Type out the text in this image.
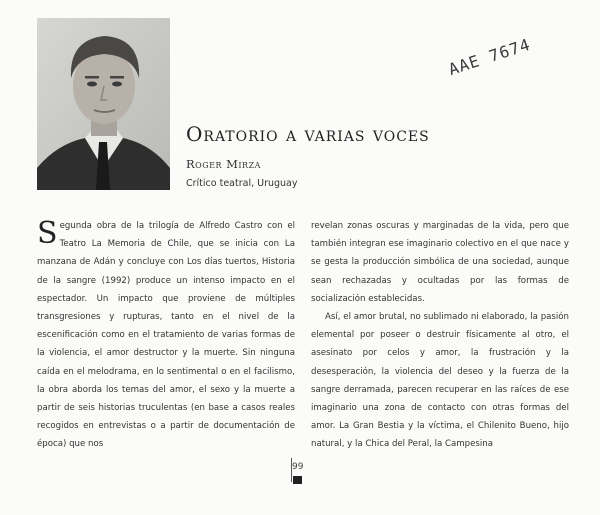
Oratorio a varias voces
Roger Mirza
Crítico teatral, Uruguay
AAE 7674

Segunda obra de la trilogía de Alfredo Castro con el Teatro La Memoria de Chile, que se inicia con La manzana de Adán y concluye con Los días tuertos, Historia de la sangre (1992) produce un intenso impacto en el espectador. Un impacto que proviene de múltiples transgresiones y rupturas, tanto en el nivel de la escenificación como en el tratamiento de varias formas de la violencia, el amor destructor y la muerte. Sin ninguna caída en el melodrama, en lo sentimental o en el facilismo, la obra aborda los temas del amor, el sexo y la muerte a partir de seis historias truculentas (en base a casos reales recogidos en entrevistas o a partir de documentación de época) que nos

revelan zonas oscuras y marginadas de la vida, pero que también integran ese imaginario colectivo en el que nace y se gesta la producción simbólica de una sociedad, aunque sean rechazadas y ocultadas por las formas de socialización establecidas.

Así, el amor brutal, no sublimado ni elaborado, la pasión elemental por poseer o destruir físicamente al otro, el asesinato por celos y amor, la frustración y la desesperación, la violencia del deseo y la fuerza de la sangre derramada, parecen recuperar en las raíces de ese imaginario una zona de contacto con otras formas del amor. La Gran Bestia y la víctima, el Chilenito Bueno, hijo natural, y la Chica del Peral, la Campesina

99
